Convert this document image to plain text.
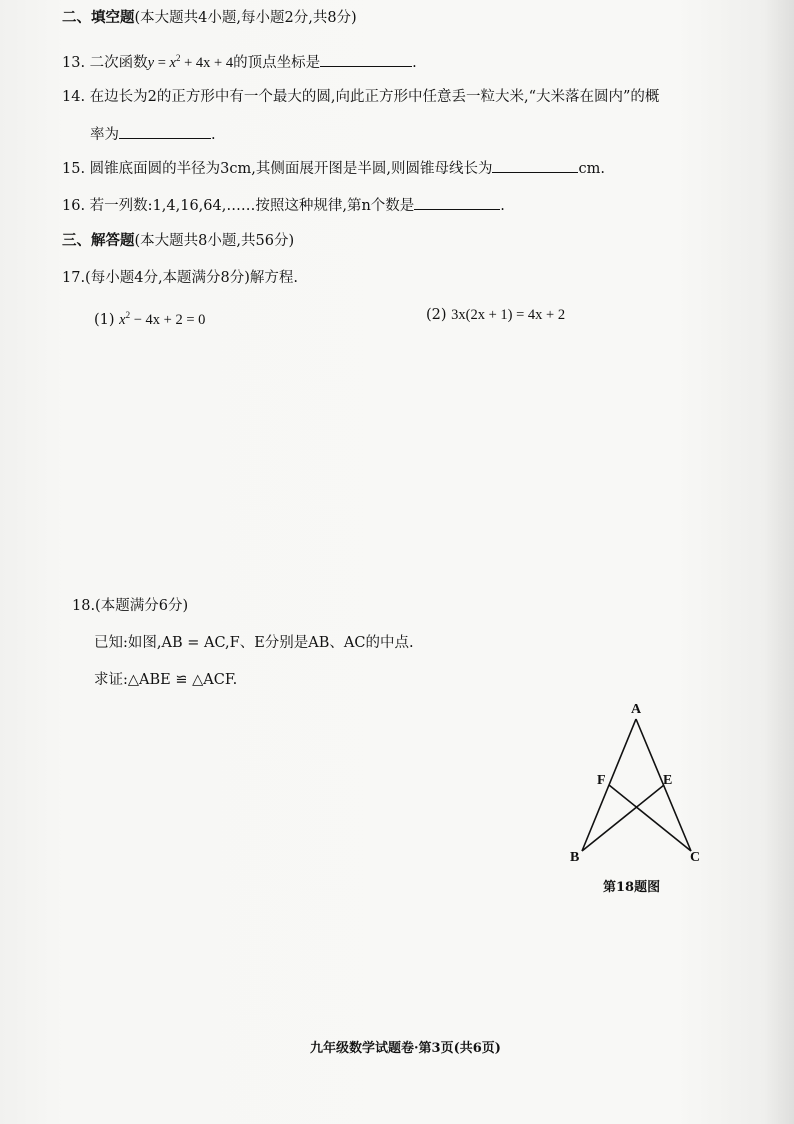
二、填空题(本大题共4小题,每小题2分,共8分)
13. 二次函数$y = x^2 + 4x + 4$的顶点坐标是	.
14. 在边长为2的正方形中有一个最大的圆,向此正方形中任意丢一粒大米,“大米落在圆内”的概
率为	.
15. 圆锥底面圆的半径为3cm,其侧面展开图是半圆,则圆锥母线长为	cm.
16. 若一列数:1,4,16,64,……按照这种规律,第n个数是	.
三、解答题(本大题共8小题,共56分)
17.(每小题4分,本题满分8分)解方程.
(1) $x^2 - 4x + 2 = 0$	(2) 3x(2x + 1) = 4x + 2
18.(本题满分6分)
已知:如图,AB = AC,F、E分别是AB、AC的中点.
求证:△ABE ≌ △ACF.
A
F	E
B	C
第18题图
九年级数学试题卷·第3页(共6页)
